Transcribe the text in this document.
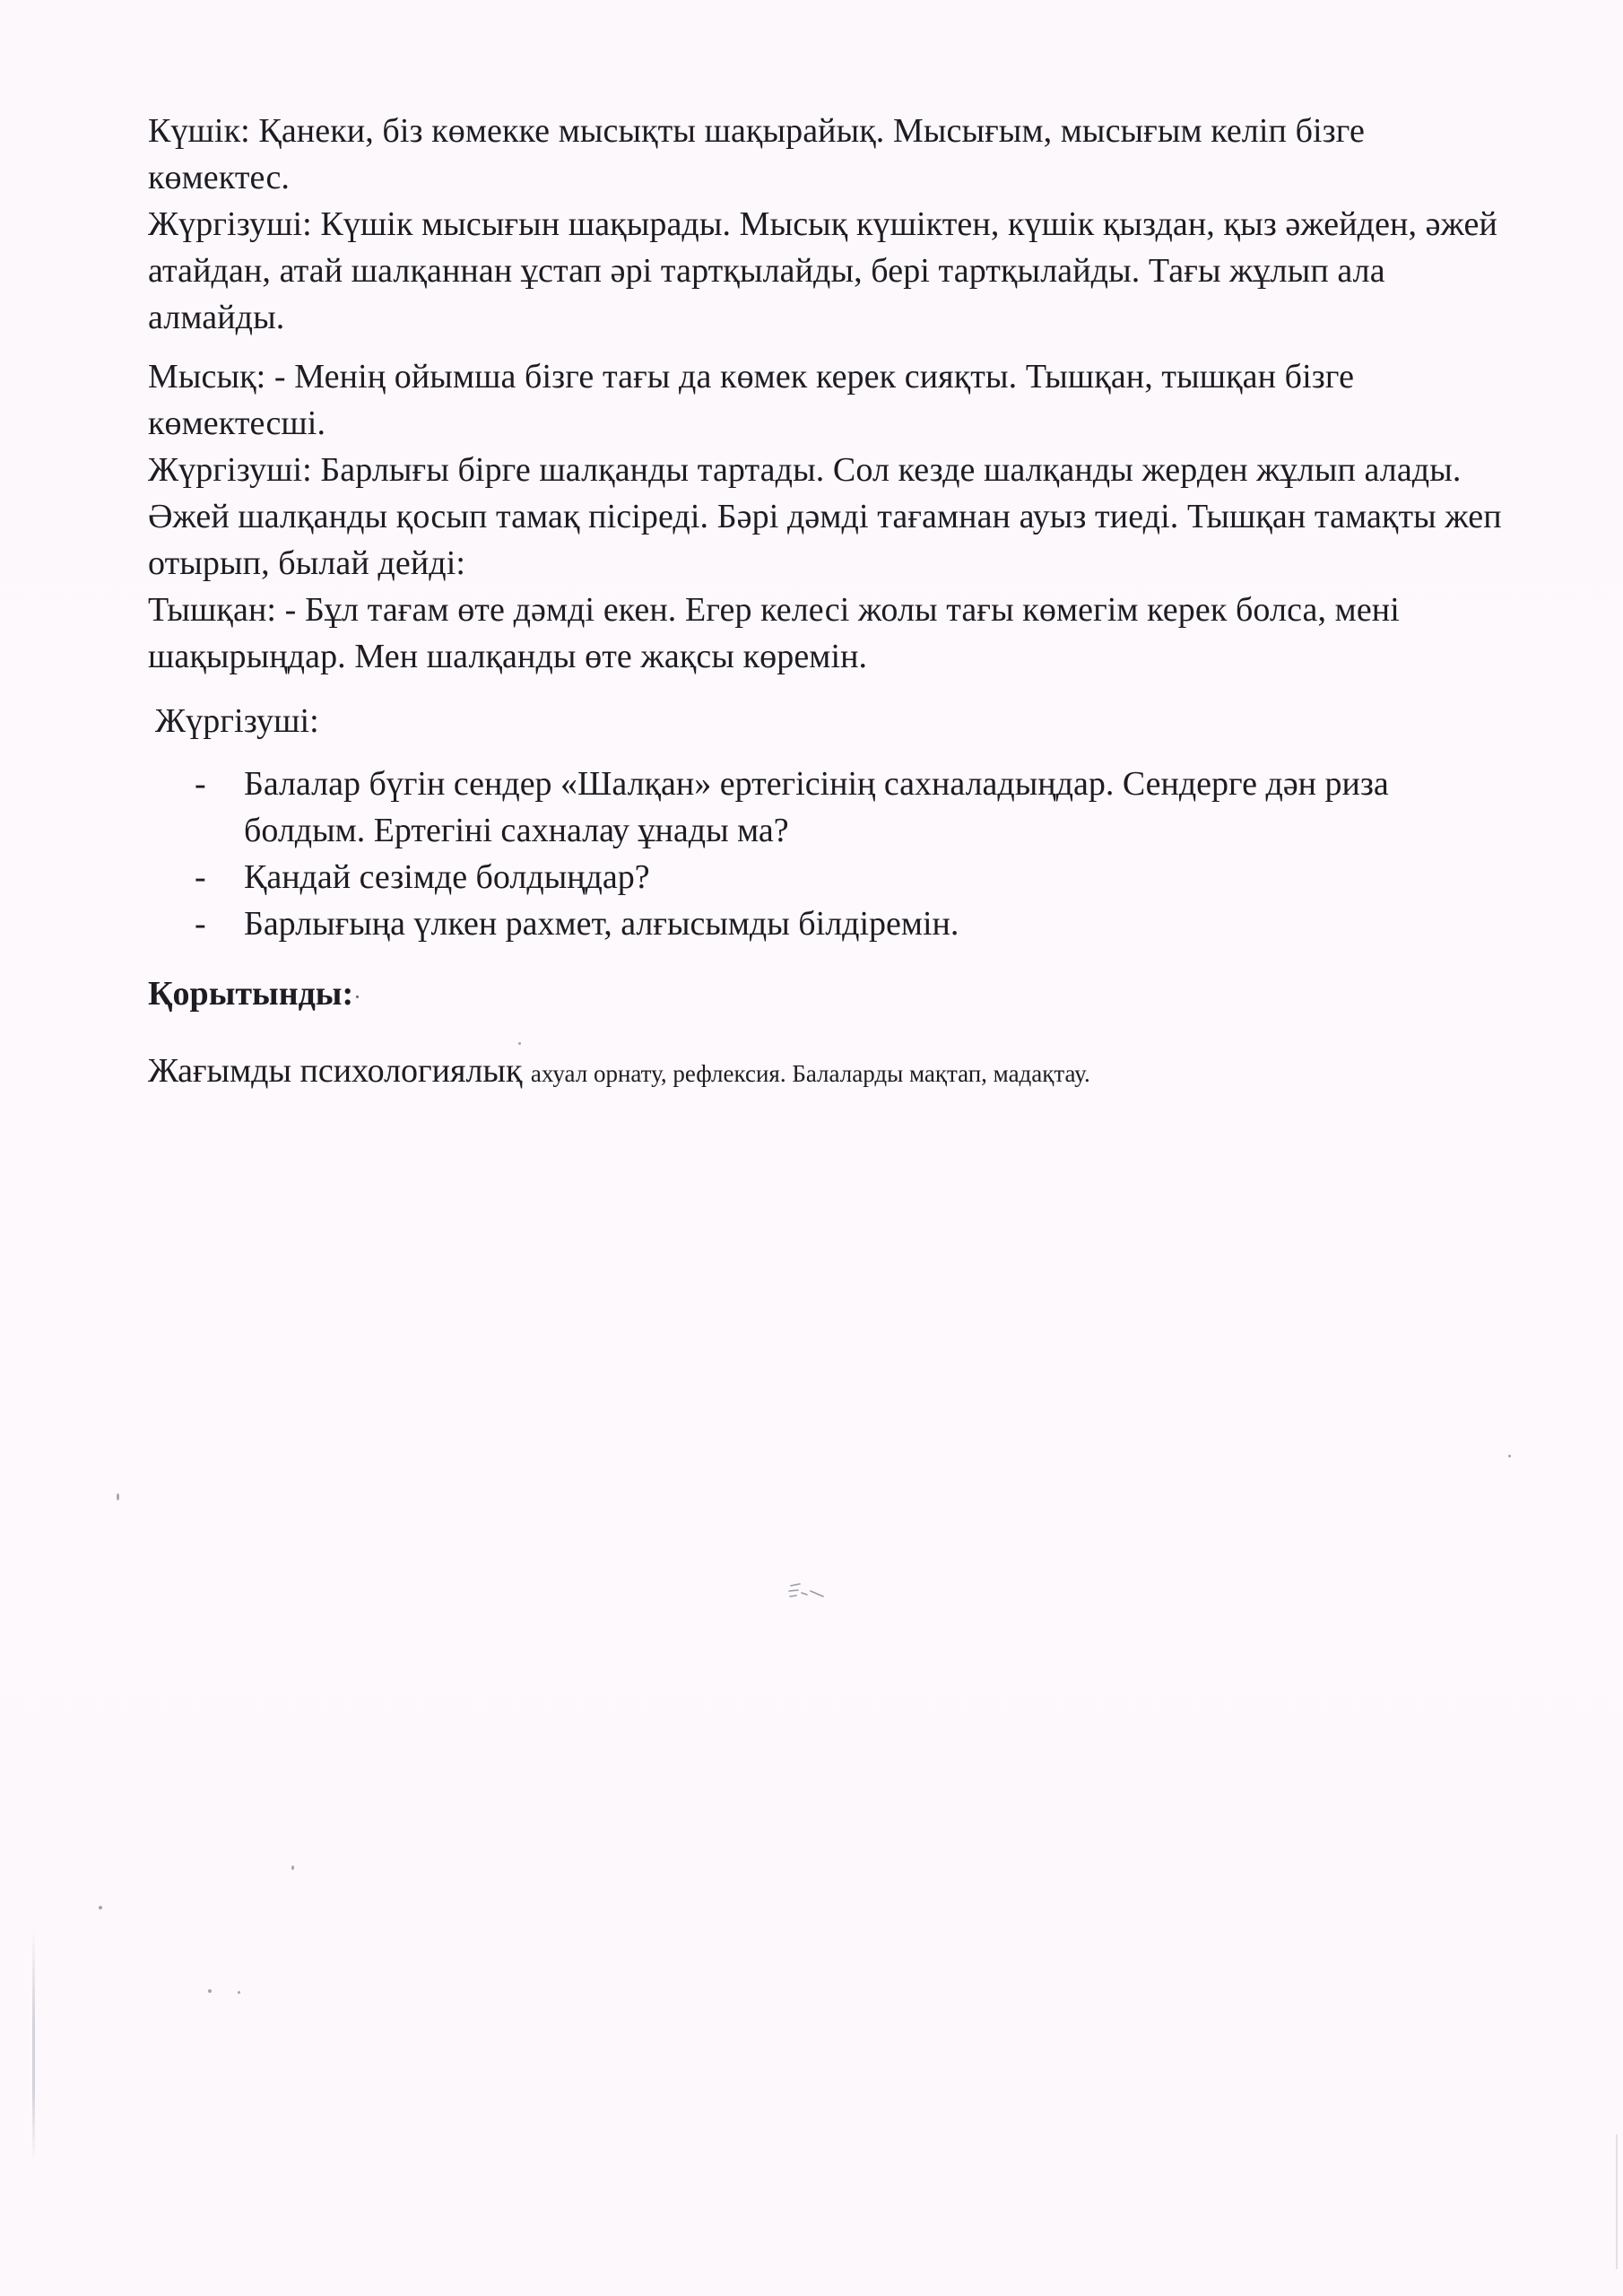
Күшік: Қанеки, біз көмекке мысықты шақырайық. Мысығым, мысығым келіп бізге көмектес.

Жүргізуші: Күшік мысығын шақырады. Мысық күшіктен, күшік қыздан, қыз әжейден, әжей атайдан, атай шалқаннан ұстап әрі тартқылайды, бері тартқылайды. Тағы жұлып ала алмайды.

Мысық: - Менің ойымша бізге тағы да көмек керек сияқты. Тышқан, тышқан бізге көмектесші.

Жүргізуші: Барлығы бірге шалқанды тартады. Сол кезде шалқанды жерден жұлып алады.

Әжей шалқанды қосып тамақ пісіреді. Бәрі дәмді тағамнан ауыз тиеді. Тышқан тамақты жеп отырып, былай дейді:

Тышқан: - Бұл тағам өте дәмді екен. Егер келесі жолы тағы көмегім керек болса, мені шақырыңдар. Мен шалқанды өте жақсы көремін.

Жүргізуші:

- Балалар бүгін сендер «Шалқан» ертегісінің сахналадыңдар. Сендерге дән риза болдым. Ертегіні сахналау ұнады ма?
- Қандай сезімде болдыңдар?
- Барлығыңа үлкен рахмет, алғысымды білдіремін.

Қорытынды:·

Жағымды психологиялық ахуал орнату, рефлексия. Балаларды мақтап, мадақтау.
